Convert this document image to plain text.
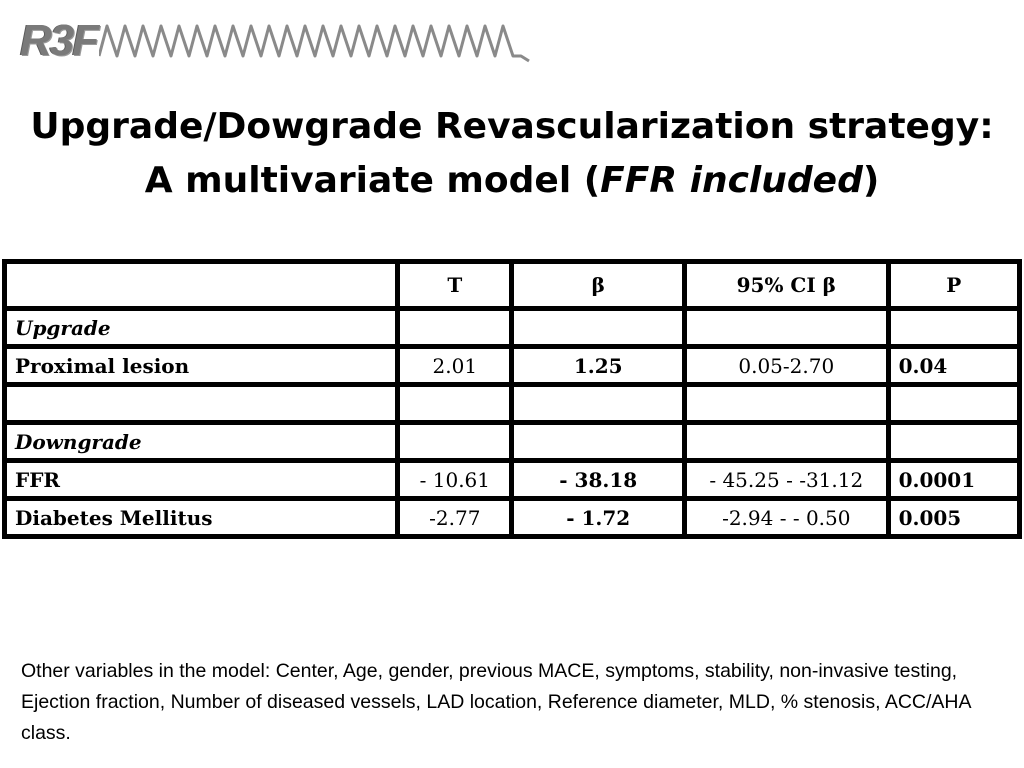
R3F
Upgrade/Dowgrade Revascularization strategy:
A multivariate model (FFR included)
	T	β	95% CI β	P
Upgrade				
Proximal lesion	2.01	1.25	0.05-2.70	0.04

Downgrade				
FFR	- 10.61	- 38.18	- 45.25 - -31.12	0.0001
Diabetes Mellitus	-2.77	- 1.72	-2.94 - - 0.50	0.005
Other variables in the model: Center, Age, gender, previous MACE, symptoms, stability, non-invasive testing, Ejection fraction, Number of diseased vessels, LAD location, Reference diameter, MLD, % stenosis, ACC/AHA class.
